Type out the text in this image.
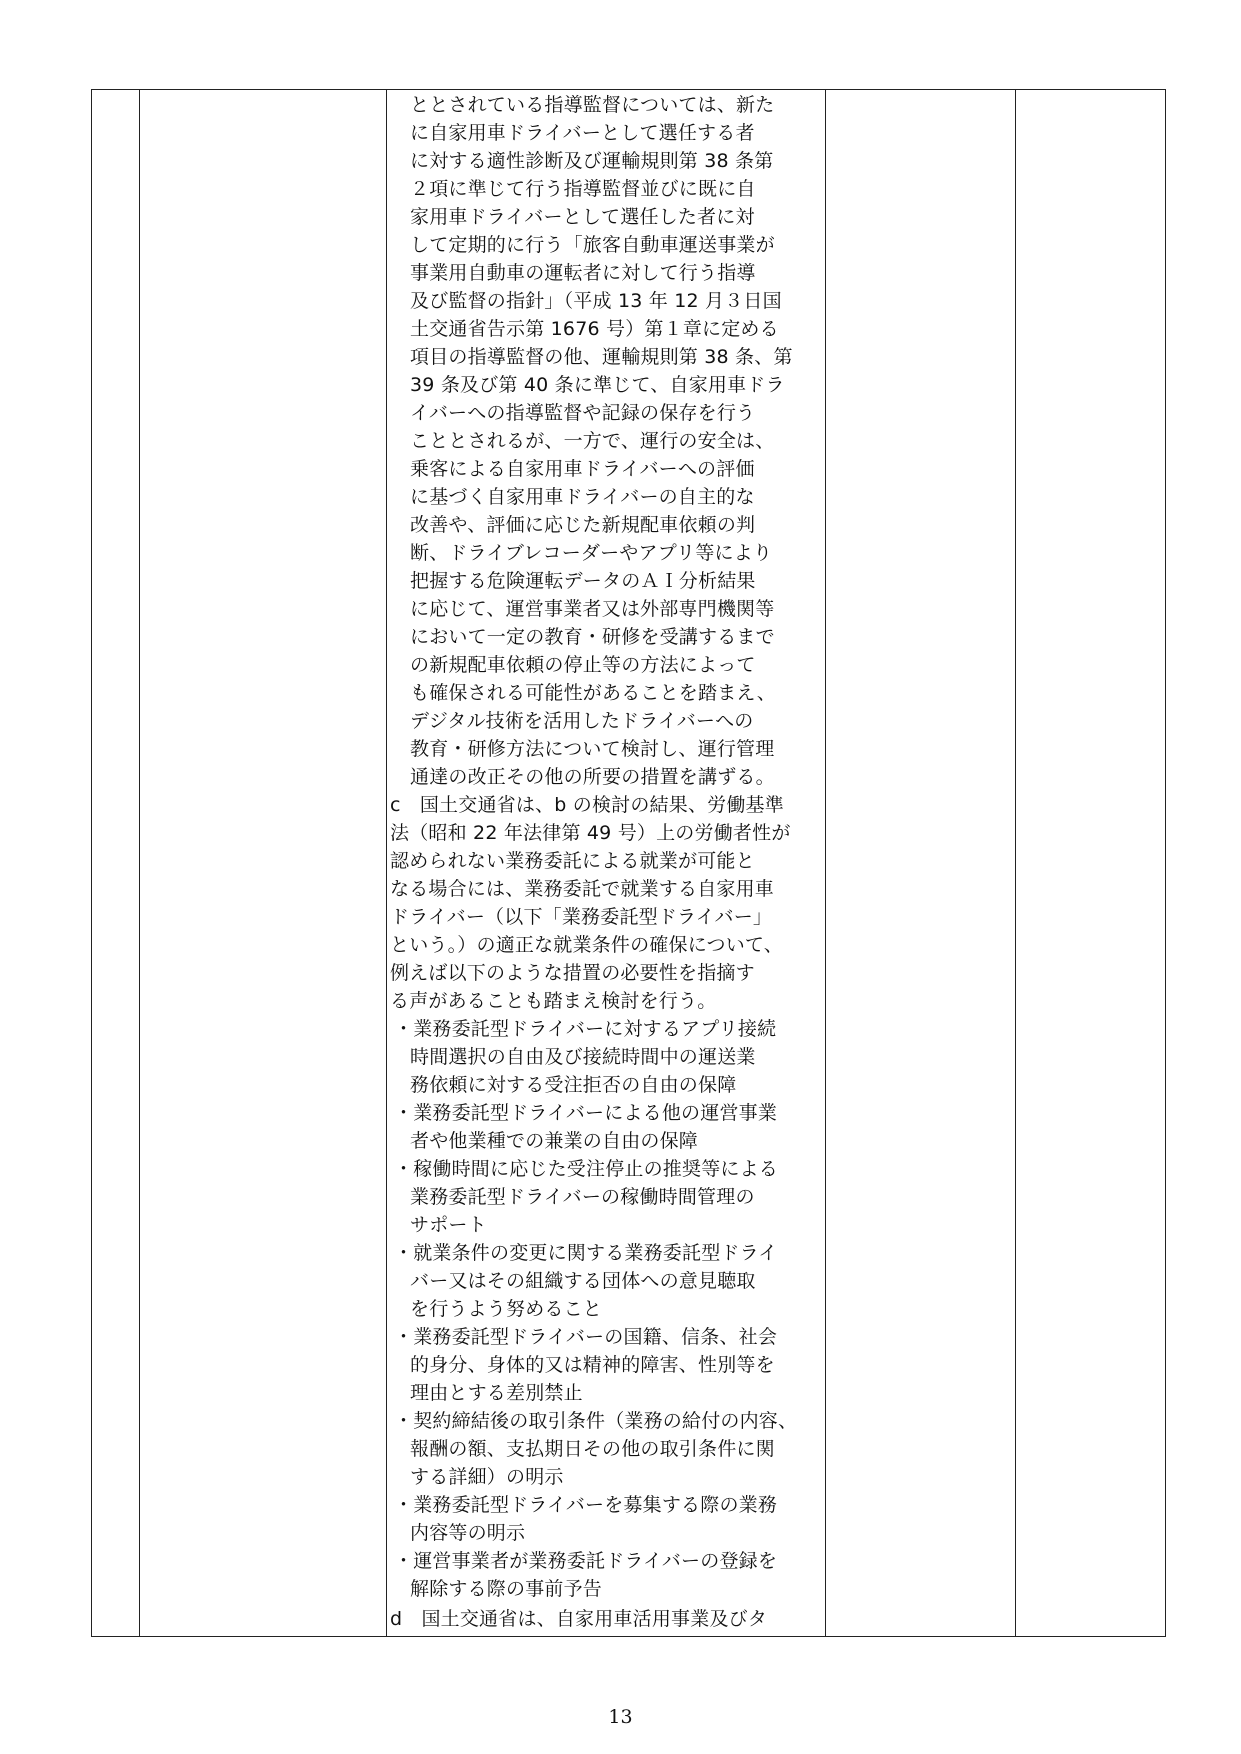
ととされている指導監督については、新た
に自家用車ドライバーとして選任する者
に対する適性診断及び運輸規則第 38 条第
２項に準じて行う指導監督並びに既に自
家用車ドライバーとして選任した者に対
して定期的に行う「旅客自動車運送事業が
事業用自動車の運転者に対して行う指導
及び監督の指針」（平成 13 年 12 月３日国
土交通省告示第 1676 号）第１章に定める
項目の指導監督の他、運輸規則第 38 条、第
39 条及び第 40 条に準じて、自家用車ドラ
イバーへの指導監督や記録の保存を行う
こととされるが、一方で、運行の安全は、
乗客による自家用車ドライバーへの評価
に基づく自家用車ドライバーの自主的な
改善や、評価に応じた新規配車依頼の判
断、ドライブレコーダーやアプリ等により
把握する危険運転データのＡＩ分析結果
に応じて、運営事業者又は外部専門機関等
において一定の教育・研修を受講するまで
の新規配車依頼の停止等の方法によって
も確保される可能性があることを踏まえ、
デジタル技術を活用したドライバーへの
教育・研修方法について検討し、運行管理
通達の改正その他の所要の措置を講ずる。
c　国土交通省は、b の検討の結果、労働基準
法（昭和 22 年法律第 49 号）上の労働者性が
認められない業務委託による就業が可能と
なる場合には、業務委託で就業する自家用車
ドライバー（以下「業務委託型ドライバー」
という。）の適正な就業条件の確保について、
例えば以下のような措置の必要性を指摘す
る声があることも踏まえ検討を行う。
・業務委託型ドライバーに対するアプリ接続
時間選択の自由及び接続時間中の運送業
務依頼に対する受注拒否の自由の保障
・業務委託型ドライバーによる他の運営事業
者や他業種での兼業の自由の保障
・稼働時間に応じた受注停止の推奨等による
業務委託型ドライバーの稼働時間管理の
サポート
・就業条件の変更に関する業務委託型ドライ
バー又はその組織する団体への意見聴取
を行うよう努めること
・業務委託型ドライバーの国籍、信条、社会
的身分、身体的又は精神的障害、性別等を
理由とする差別禁止
・契約締結後の取引条件（業務の給付の内容、
報酬の額、支払期日その他の取引条件に関
する詳細）の明示
・業務委託型ドライバーを募集する際の業務
内容等の明示
・運営事業者が業務委託ドライバーの登録を
解除する際の事前予告
d　国土交通省は、自家用車活用事業及びタ
13
